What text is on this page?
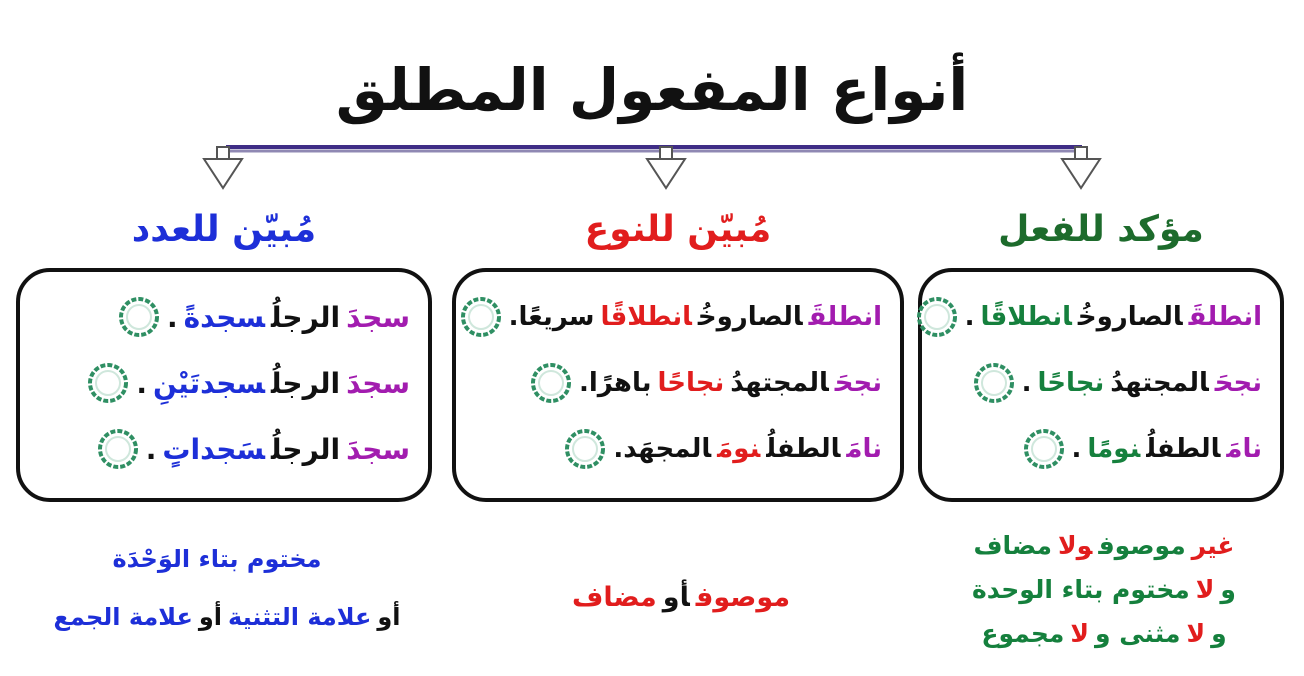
أنواع المفعول المطلق
مؤكد للفعل
انطلقَالصاروخُانطلاقًا.
نجحَالمجتهدُنجاحًا.
نامَالطفلُنومًا.
غيرموصوفولامضاف
ولامختوم بتاء الوحدة
ولامثنى ولامجموع
مُبيّن للنوع
انطلقَالصاروخُانطلاقًاسريعًا.
نجحَالمجتهدُنجاحًاباهرًا.
نامَالطفلُنومَالمجهَد.
موصوفأومضاف
مُبيّن للعدد
سجدَالرجلُسجدةً.
سجدَالرجلُسجدتَيْنِ.
سجدَالرجلُسَجداتٍ.
مختوم بتاء الوَحْدَة
أوعلامة التثنيةأوعلامة الجمع
